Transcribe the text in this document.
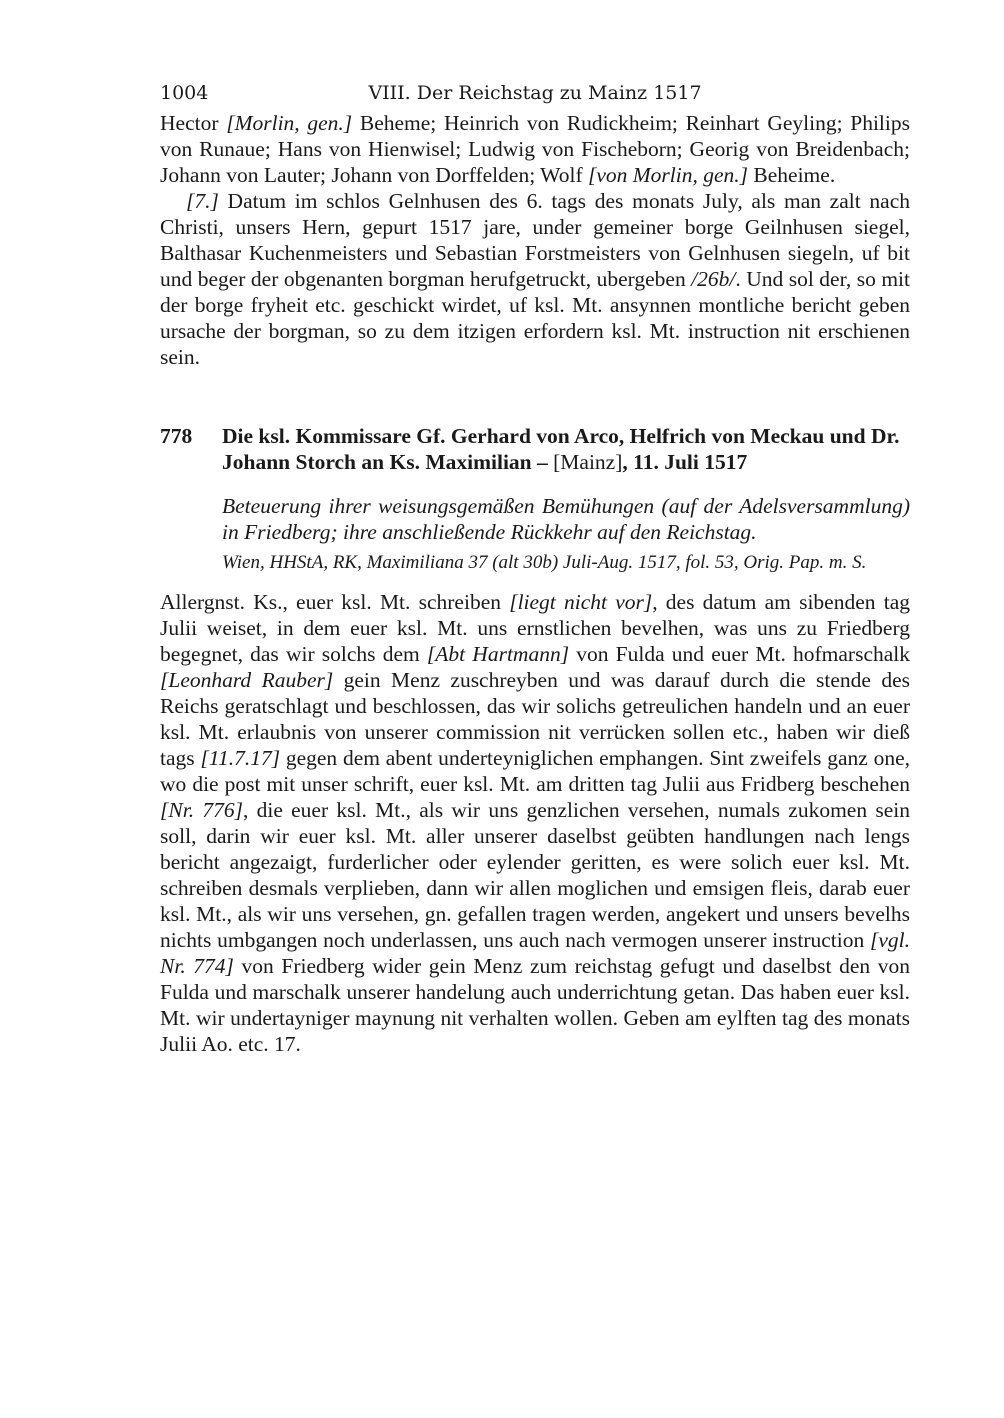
1004	VIII. Der Reichstag zu Mainz 1517

Hector [Morlin, gen.] Beheme; Heinrich von Rudickheim; Reinhart Geyling; Philips von Runaue; Hans von Hienwisel; Ludwig von Fischeborn; Georig von Breidenbach; Johann von Lauter; Johann von Dorffelden; Wolf [von Morlin, gen.] Beheime.

[7.] Datum im schlos Gelnhusen des 6. tags des monats July, als man zalt nach Christi, unsers Hern, gepurt 1517 jare, under gemeiner borge Geilnhusen siegel, Balthasar Kuchenmeisters und Sebastian Forstmeisters von Gelnhusen siegeln, uf bit und beger der obgenanten borgman herufgetruckt, ubergeben /26b/. Und sol der, so mit der borge fryheit etc. geschickt wirdet, uf ksl. Mt. ansynnen montliche bericht geben ursache der borgman, so zu dem itzigen erfordern ksl. Mt. instruction nit erschienen sein.

778	Die ksl. Kommissare Gf. Gerhard von Arco, Helfrich von Meckau und Dr. Johann Storch an Ks. Maximilian – [Mainz], 11. Juli 1517

Beteuerung ihrer weisungsgemäßen Bemühungen (auf der Adelsversammlung) in Friedberg; ihre anschließende Rückkehr auf den Reichstag.

Wien, HHStA, RK, Maximiliana 37 (alt 30b) Juli-Aug. 1517, fol. 53, Orig. Pap. m. S.

Allergnst. Ks., euer ksl. Mt. schreiben [liegt nicht vor], des datum am sibenden tag Julii weiset, in dem euer ksl. Mt. uns ernstlichen bevelhen, was uns zu Friedberg begegnet, das wir solchs dem [Abt Hartmann] von Fulda und euer Mt. hofmarschalk [Leonhard Rauber] gein Menz zuschreyben und was darauf durch die stende des Reichs geratschlagt und beschlossen, das wir solichs getreulichen handeln und an euer ksl. Mt. erlaubnis von unserer commission nit verrücken sollen etc., haben wir dieß tags [11.7.17] gegen dem abent underteyniglichen emphangen. Sint zweifels ganz one, wo die post mit unser schrift, euer ksl. Mt. am dritten tag Julii aus Fridberg beschehen [Nr. 776], die euer ksl. Mt., als wir uns genzlichen versehen, numals zukomen sein soll, darin wir euer ksl. Mt. aller unserer daselbst geübten handlungen nach lengs bericht angezaigt, furderlicher oder eylender geritten, es were solich euer ksl. Mt. schreiben desmals verplieben, dann wir allen moglichen und emsigen fleis, darab euer ksl. Mt., als wir uns versehen, gn. gefallen tragen werden, angekert und unsers bevelhs nichts umbgangen noch underlassen, uns auch nach vermogen unserer instruction [vgl. Nr. 774] von Friedberg wider gein Menz zum reichstag gefugt und daselbst den von Fulda und marschalk unserer handelung auch underrichtung getan. Das haben euer ksl. Mt. wir undertayniger maynung nit verhalten wollen. Geben am eylften tag des monats Julii Ao. etc. 17.
